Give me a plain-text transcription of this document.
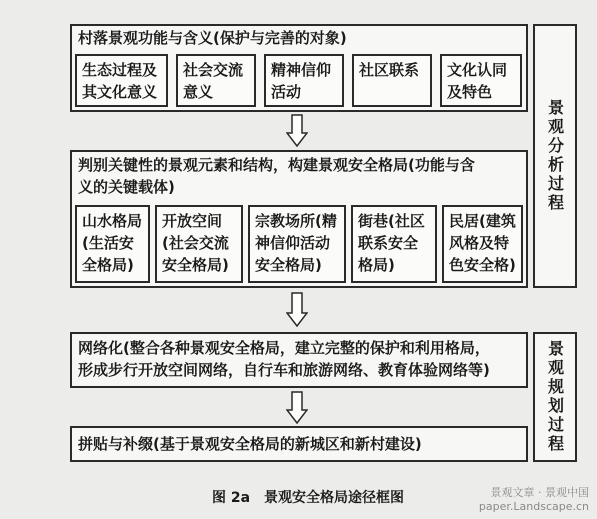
村落景观功能与含义(保护与完善的对象)
生态过程及
其文化意义
社会交流
意义
精神信仰
活动
社区联系	文化认同
及特色
判别关键性的景观元素和结构，构建景观安全格局(功能与含
义的关键载体)
山水格局
(生活安
全格局)
开放空间
(社会交流
安全格局)
宗教场所(精
神信仰活动
安全格局)
街巷(社区
联系安全
格局)
民居(建筑
风格及特
色安全格)
景观分析过程
网络化(整合各种景观安全格局，建立完整的保护和利用格局，
形成步行开放空间网络，自行车和旅游网络、教育体验网络等)
拼贴与补缀(基于景观安全格局的新城区和新村建设)	景观规划过程
图 2a　景观安全格局途径框图	景观文章 · 景观中国
paper.Landscape.cn
